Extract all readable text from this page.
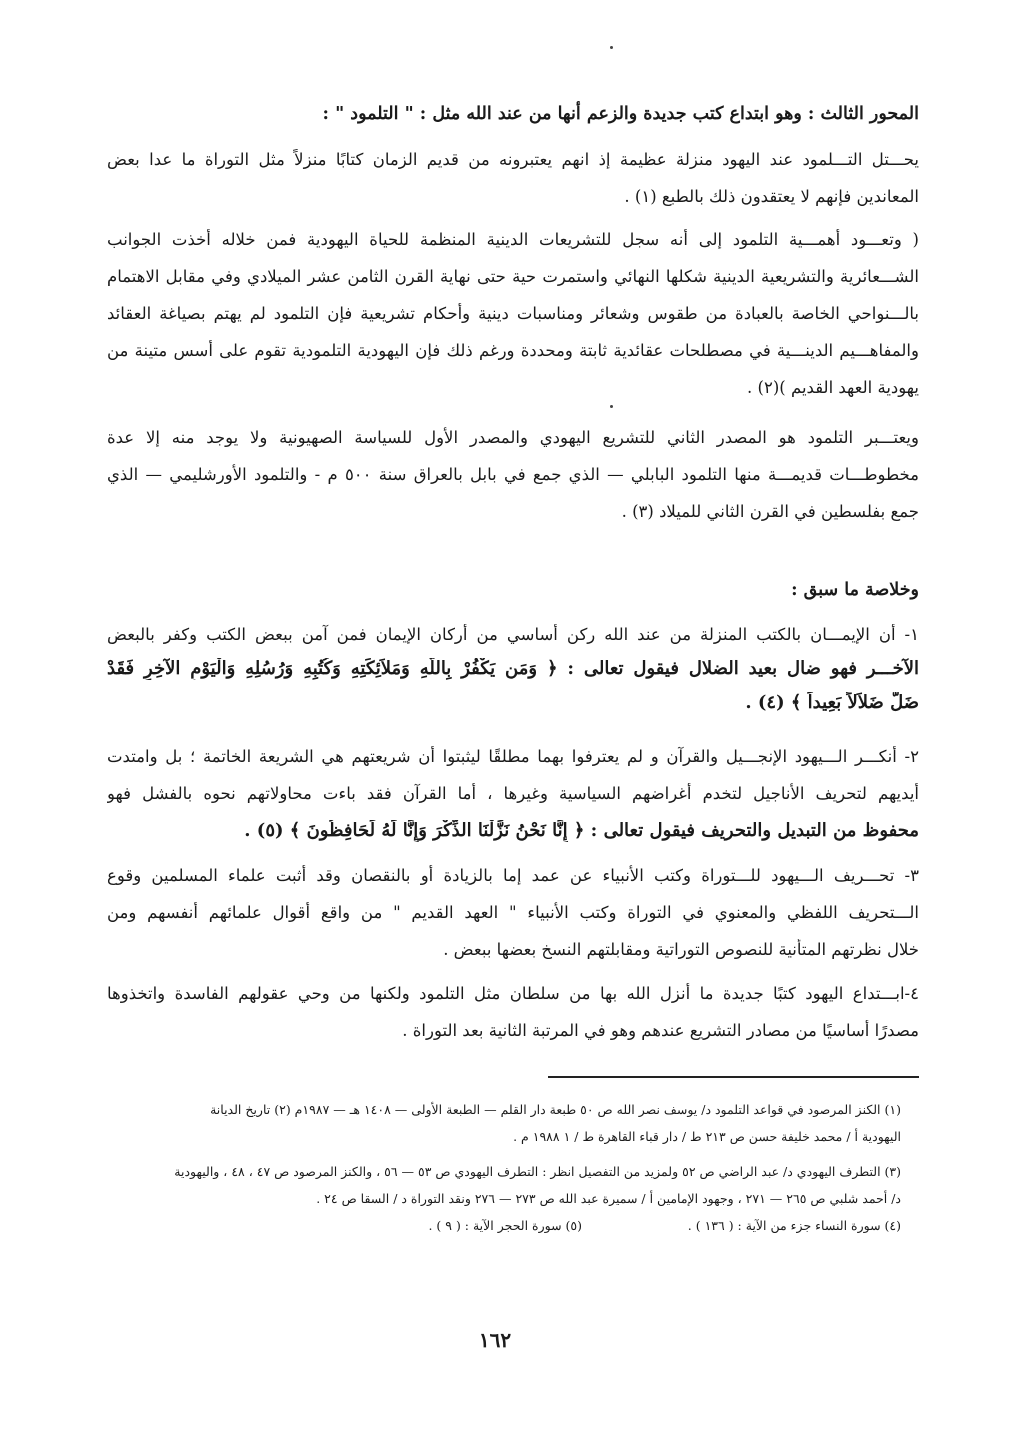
المحور الثالث : وهو ابتداع كتب جديدة والزعم أنها من عند الله مثل : " التلمود " :
يحـــتل التـــلمود عند اليهود منزلة عظيمة إذ انهم يعتبرونه من قديم الزمان كتابًا منزلاً مثل التوراة ما عدا بعض
المعاندين فإنهم لا يعتقدون ذلك بالطبع (١) .
( وتعـــود أهمـــية التلمود إلى أنه سجل للتشريعات الدينية المنظمة للحياة اليهودية فمن خلاله أخذت الجوانب
الشـــعائرية والتشريعية الدينية شكلها النهائي واستمرت حية حتى نهاية القرن الثامن عشر الميلادي وفي مقابل الاهتمام
بالـــنواحي الخاصة بالعبادة من طقوس وشعائر ومناسبات دينية وأحكام تشريعية فإن التلمود لم يهتم بصياغة العقائد
والمفاهـــيم الدينـــية في مصطلحات عقائدية ثابتة ومحددة ورغم ذلك فإن اليهودية التلمودية تقوم على أسس متينة من
يهودية العهد القديم )(٢) .
ويعتـــبر التلمود هو المصدر الثاني للتشريع اليهودي والمصدر الأول للسياسة الصهيونية ولا يوجد منه إلا عدة
مخطوطـــات قديمـــة منها التلمود البابلي — الذي جمع في بابل بالعراق سنة ٥٠٠ م - والتلمود الأورشليمي — الذي
جمع بفلسطين في القرن الثاني للميلاد (٣) .
وخلاصة ما سبق :
١- أن الإيمـــان بالكتب المنزلة من عند الله ركن أساسي من أركان الإيمان فمن آمن ببعض الكتب وكفر بالبعض
الآخـــر فهو ضال بعيد الضلال فيقول تعالى : ﴿ وَمَن يَكْفُرْ بِاللَّهِ وَمَلاَئِكَتِهِ وَكُتُبِهِ وَرُسُلِهِ وَالْيَوْمِ الآخِرِ فَقَدْ
ضَلَّ ضَلاَلاً بَعِيداً ﴾ (٤) .
٢- أنكـــر الـــيهود الإنجـــيل والقرآن و لم يعترفوا بهما مطلقًا ليثبتوا أن شريعتهم هي الشريعة الخاتمة ؛ بل وامتدت
أيديهم لتحريف الأناجيل لتخدم أغراضهم السياسية وغيرها ، أما القرآن فقد باءت محاولاتهم نحوه بالفشل فهو
محفوظ من التبديل والتحريف فيقول تعالى : ﴿ إِنَّا نَحْنُ نَزَّلْنَا الذِّكْرَ وَإِنَّا لَهُ لَحَافِظُونَ ﴾ (٥) .
٣- تحـــريف الـــيهود للـــتوراة وكتب الأنبياء عن عمد إما بالزيادة أو بالنقصان وقد أثبت علماء المسلمين وقوع
الـــتحريف اللفظي والمعنوي في التوراة وكتب الأنبياء " العهد القديم " من واقع أقوال علمائهم أنفسهم ومن
خلال نظرتهم المتأنية للنصوص التوراتية ومقابلتهم النسخ بعضها ببعض .
٤-ابـــتداع اليهود كتبًا جديدة ما أنزل الله بها من سلطان مثل التلمود ولكنها من وحي عقولهم الفاسدة واتخذوها
مصدرًا أساسيًا من مصادر التشريع عندهم وهو في المرتبة الثانية بعد التوراة .
(١) الكنز المرصود في قواعد التلمود د/ يوسف نصر الله ص ٥٠ طبعة دار القلم — الطبعة الأولى — ١٤٠٨ هـ — ١٩٨٧م (٢) تاريخ الديانة
اليهودية أ / محمد خليفة حسن ص ٢١٣ ط / دار قباء القاهرة ط / ١ ١٩٨٨ م .
(٣) التطرف اليهودي د/ عبد الراضي ص ٥٢ ولمزيد من التفصيل انظر : التطرف اليهودي ص ٥٣ — ٥٦ ، والكنز المرصود ص ٤٧ ، ٤٨ ، واليهودية
د/ أحمد شلبي ص ٢٦٥ — ٢٧١ ، وجهود الإمامين أ / سميرة عبد الله ص ٢٧٣ — ٢٧٦ ونقد التوراة د / السقا ص ٢٤ .
(٤) سورة النساء جزء من الآية : ( ١٣٦ ) .
(٥) سورة الحجر الآية : ( ٩ ) .
١٦٢
